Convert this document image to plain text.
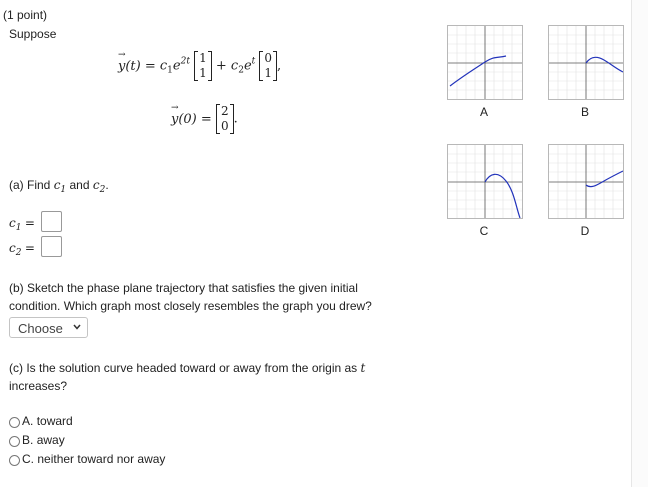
(1 point)
Suppose
→ $y(t) = c_1e^{2t}$ 1
$1 + c_2e^t$ 0
1 ,
→ y(0) =
2
0 .
(a) Find $c_1$ and $c_2$.
$c_1$ =
$c_2$ =
(b) Sketch the phase plane trajectory that satisfies the given initial
condition. Which graph most closely resembles the graph you drew?
Choose
(c) Is the solution curve headed toward or away from the origin as t
increases?
A. toward
B. away
C. neither toward nor away
A	B
C	D
